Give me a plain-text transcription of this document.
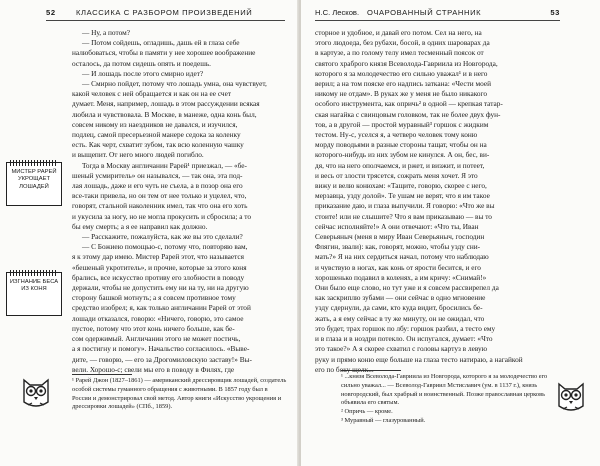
52	КЛАССИКА С РАЗБОРОМ ПРОИЗВЕДЕНИЙ
МИСТЕР РАРЕЙ УКРОЩАЕТ ЛОШАДЕЙ
ИЗГНАНИЕ БЕСА ИЗ КОНЯ
— Ну, а потом?
— Потом сойдешь, огладишь, дашь ей в глаза себе
налюбоваться, чтобы в памяти у нее хорошее воображение
осталось, да потом сидешь опять и поедешь.
— И лошадь после этого смирно идет?
— Смирно пойдет, потому что лошадь умна, она чувствует,
какой человек с ней обращается и как он на ее счет
думает. Меня, например, лошадь в этом рассуждении всякая
любила и чувствовала. В Москве, в манеже, одна конь был,
совсем никому из наездников не давался, и изучился,
подлец, самой пресерьезной манере седока за коленку
есть. Как черт, схватит зубом, так всю коленную чашку
и выщепит. От него много людей погибло.
Тогда в Москву англичанин Рарей¹ приезжал, — «бе-
шеный усмиритель» он назывался, — так она, эта под-
лая лошадь, даже и его чуть не съела, а в позор она его
все-таки привела, но он тем от нее только и уцелел, что,
говорят, стальной наколенник имел, так что она его хоть
и укусила за ногу, но не могла прокусить и сбросила; а то
бы ему смерть; а я ее направил как должно.
— Расскажите, пожалуйста, как же вы это сделали?
— С Божиею помощью-с, потому что, повторяю вам,
я к этому дар имею. Мистер Рарей этот, что называется
«бешеный укротитель», и прочие, которые за этого коня
брались, все искусство противу его злобности в поводу
держали, чтобы не допустить ему ни на ту, ни на другую
сторону башкой мотнуть; а я совсем противное тому
средство изобрел; я, как только англичанин Рарей от этой
лошади отказался, говорю: «Ничего, говорю, это самое
пустое, потому что этот конь ничего больше, как бе-
сом одержимый. Англичанин этого не может постичь,
а я постигну и помогу». Начальство согласилось. «Выве-
дите, — говорю, — его за Дрогомиловскую заставу!» Вы-
вели. Хорошо-с; свели мы его в поводу в Филях, где
¹ Рарей Джон (1827–1861) — американский дрессировщик лошадей, создатель особой системы гуманного обращения с животными. В 1857 году был в России и демонстрировал свой метод. Автор книги «Искусство укрощения и дрессировки лошадей» (СПб., 1859).
Н.С. Лесков. ОЧАРОВАННЫЙ СТРАННИК	53
сторное и удобное, и давай его потом. Сел на него, на
этого людоеда, без рубахи, босой, в одних шароварах да
в картузе, а по голому телу имел тесменный поясок от
святого храброго князя Всеволода-Гавриила из Новгорода,
которого я за молодечество его сильно уважал¹ и в него
верил; а на том пояске его надпись заткана: «Чести моей
никому не отдам». В руках же у меня не было никакого
особого инструмента, как опричь² в одной — крепкая татар-
ская нагайка с свинцовым головком, так не более двух фун-
тов, а в другой — простой муравный³ горшок с жидким
тестом. Ну-с, уселся я, а четверо человек тому коню
морду поводьями в разные стороны тащат, чтобы он на
которого-нибудь из них зубом не кинулся. А он, бес, ви-
дя, что на него ополчаемся, и ржет, и визжит, и потеет,
и весь от злости трясется, сожрать меня хочет. Я это
вижу и велю конюхам: «Тащите, говорю, скорее с него,
мерзавца, узду долой». Те ушам не верят, что я им такое
приказание даю, и глаза выпучили. Я говорю: «Что же вы
стоите! или не слышите? Что я вам приказываю — вы то
сейчас исполняйте!» А они отвечают: «Что ты, Иван
Северьяныч (меня в миру Иван Северьяныч, господин
Флягин, звали): как, говорят, можно, чтобы узду сни-
мать?» Я на них сердиться начал, потому что наблюдаю
и чувствую в ногах, как конь от ярости бесится, и его
хорошенько подавил в коленях, а им кричу: «Снимай!»
Они было еще слово, но тут уже и я совсем рассвирепел да
как заскриплю зубами — они сейчас в одно мгновение
узду сдернули, да сами, кто куда видит, бросились бе-
жать, а я ему сейчас в ту же минуту, он не ожидал, что
это будет, трах горшок по лбу: горшок разбил, а тесто ему
и в глаза и в ноздри потекло. Он испугался, думает: «Что
это такое?» А я скорее схватил с головы картуз в левую
руку и прямо коню еще больше на глаза тесто натираю, а нагайкой
его по боку щелк...
¹ ...князя Всеволода-Гавриила из Новгорода, которого я за молодечество его сильно уважал... — Всеволод-Гавриил Мстиславич (ум. в 1137 г.), князь новгородский, был храбрый и воинственный. Позже православная церковь объявила его святым.
² Опричь — кроме.
³ Муравный — глазурованный.
